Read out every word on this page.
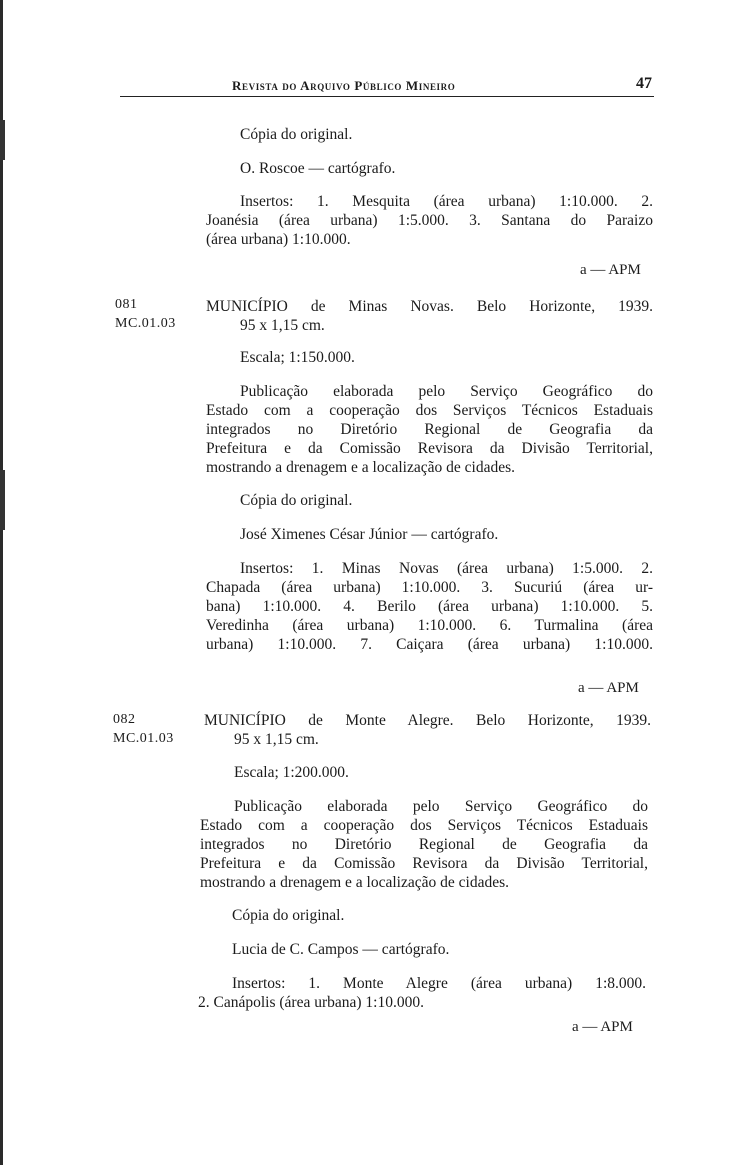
Revista do Arquivo Público Mineiro	47
Cópia do original.
O. Roscoe — cartógrafo.
Insertos: 1. Mesquita (área urbana) 1:10.000. 2.
Joanésia (área urbana) 1:5.000. 3. Santana do Paraizo
(área urbana) 1:10.000.
a — APM
081
MC.01.03
MUNICÍPIO de Minas Novas. Belo Horizonte, 1939.
95 x 1,15 cm.
Escala; 1:150.000.
Publicação elaborada pelo Serviço Geográfico do
Estado com a cooperação dos Serviços Técnicos Estaduais
integrados no Diretório Regional de Geografia da
Prefeitura e da Comissão Revisora da Divisão Territorial,
mostrando a drenagem e a localização de cidades.
Cópia do original.
José Ximenes César Júnior — cartógrafo.
Insertos: 1. Minas Novas (área urbana) 1:5.000. 2.
Chapada (área urbana) 1:10.000. 3. Sucuriú (área ur-
bana) 1:10.000. 4. Berilo (área urbana) 1:10.000. 5.
Veredinha (área urbana) 1:10.000. 6. Turmalina (área
urbana) 1:10.000. 7. Caiçara (área urbana) 1:10.000.
a — APM
082
MC.01.03
MUNICÍPIO de Monte Alegre. Belo Horizonte, 1939.
95 x 1,15 cm.
Escala; 1:200.000.
Publicação elaborada pelo Serviço Geográfico do
Estado com a cooperação dos Serviços Técnicos Estaduais
integrados no Diretório Regional de Geografia da
Prefeitura e da Comissão Revisora da Divisão Territorial,
mostrando a drenagem e a localização de cidades.
Cópia do original.
Lucia de C. Campos — cartógrafo.
Insertos: 1. Monte Alegre (área urbana) 1:8.000.
2. Canápolis (área urbana) 1:10.000.
a — APM
